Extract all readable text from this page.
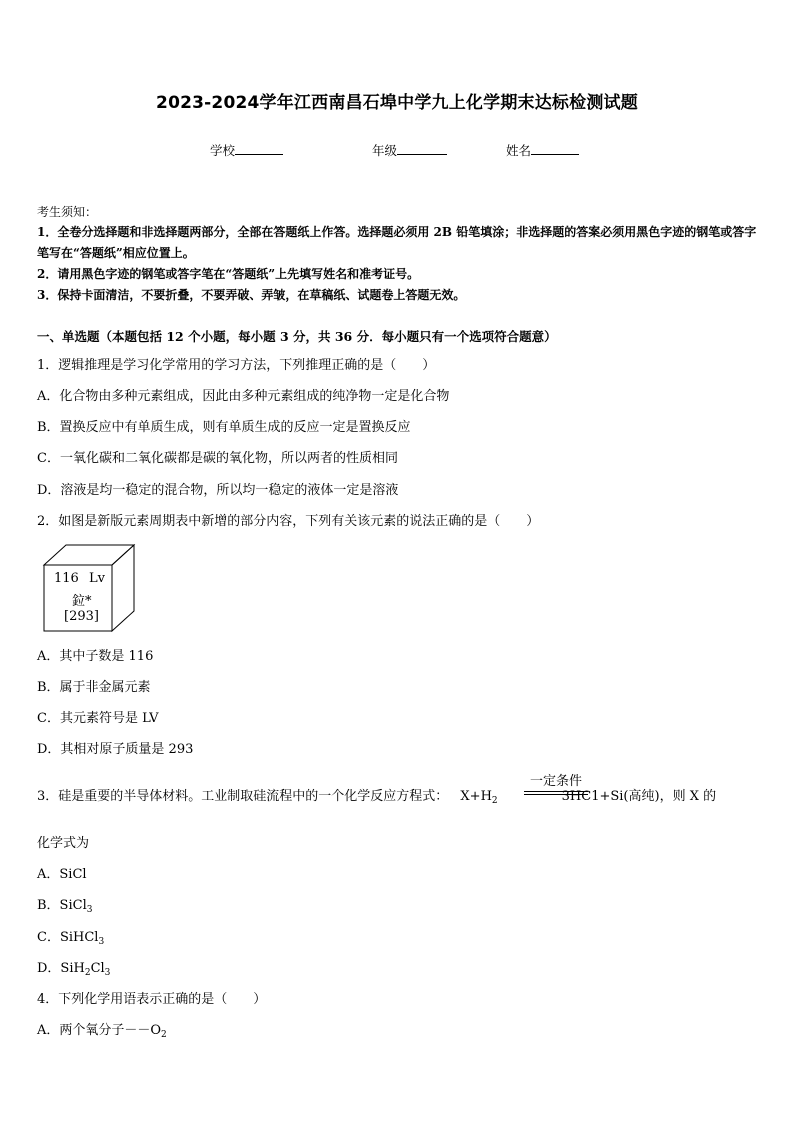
2023-2024学年江西南昌石埠中学九上化学期末达标检测试题
学校	年级	姓名
考生须知：
1．全卷分选择题和非选择题两部分，全部在答题纸上作答。选择题必须用 2B 铅笔填涂；非选择题的答案必须用黑色字迹的钢笔或答字笔写在“答题纸”相应位置上。
2．请用黑色字迹的钢笔或答字笔在“答题纸”上先填写姓名和准考证号。
3．保持卡面清洁，不要折叠，不要弄破、弄皱，在草稿纸、试题卷上答题无效。
一、单选题（本题包括 12 个小题，每小题 3 分，共 36 分．每小题只有一个选项符合题意）
1．逻辑推理是学习化学常用的学习方法，下列推理正确的是（　　）
A．化合物由多种元素组成，因此由多种元素组成的纯净物一定是化合物
B．置换反应中有单质生成，则有单质生成的反应一定是置换反应
C．一氧化碳和二氧化碳都是碳的氧化物，所以两者的性质相同
D．溶液是均一稳定的混合物，所以均一稳定的液体一定是溶液
2．如图是新版元素周期表中新增的部分内容，下列有关该元素的说法正确的是（　　）
116 Lv
鉝*
[293]
A．其中子数是 116
B．属于非金属元素
C．其元素符号是 LV
D．其相对原子质量是 293
3．硅是重要的半导体材料。工业制取硅流程中的一个化学反应方程式： $X+H_2$	3HC1+Si(高纯)，则 X 的
一定条件
化学式为
A．SiCl
B．SiCl$_3$
C．SiHCl$_3$
D．$SiH_2Cl_3$
4．下列化学用语表示正确的是（　　）
A．两个氧分子$--O_2$
